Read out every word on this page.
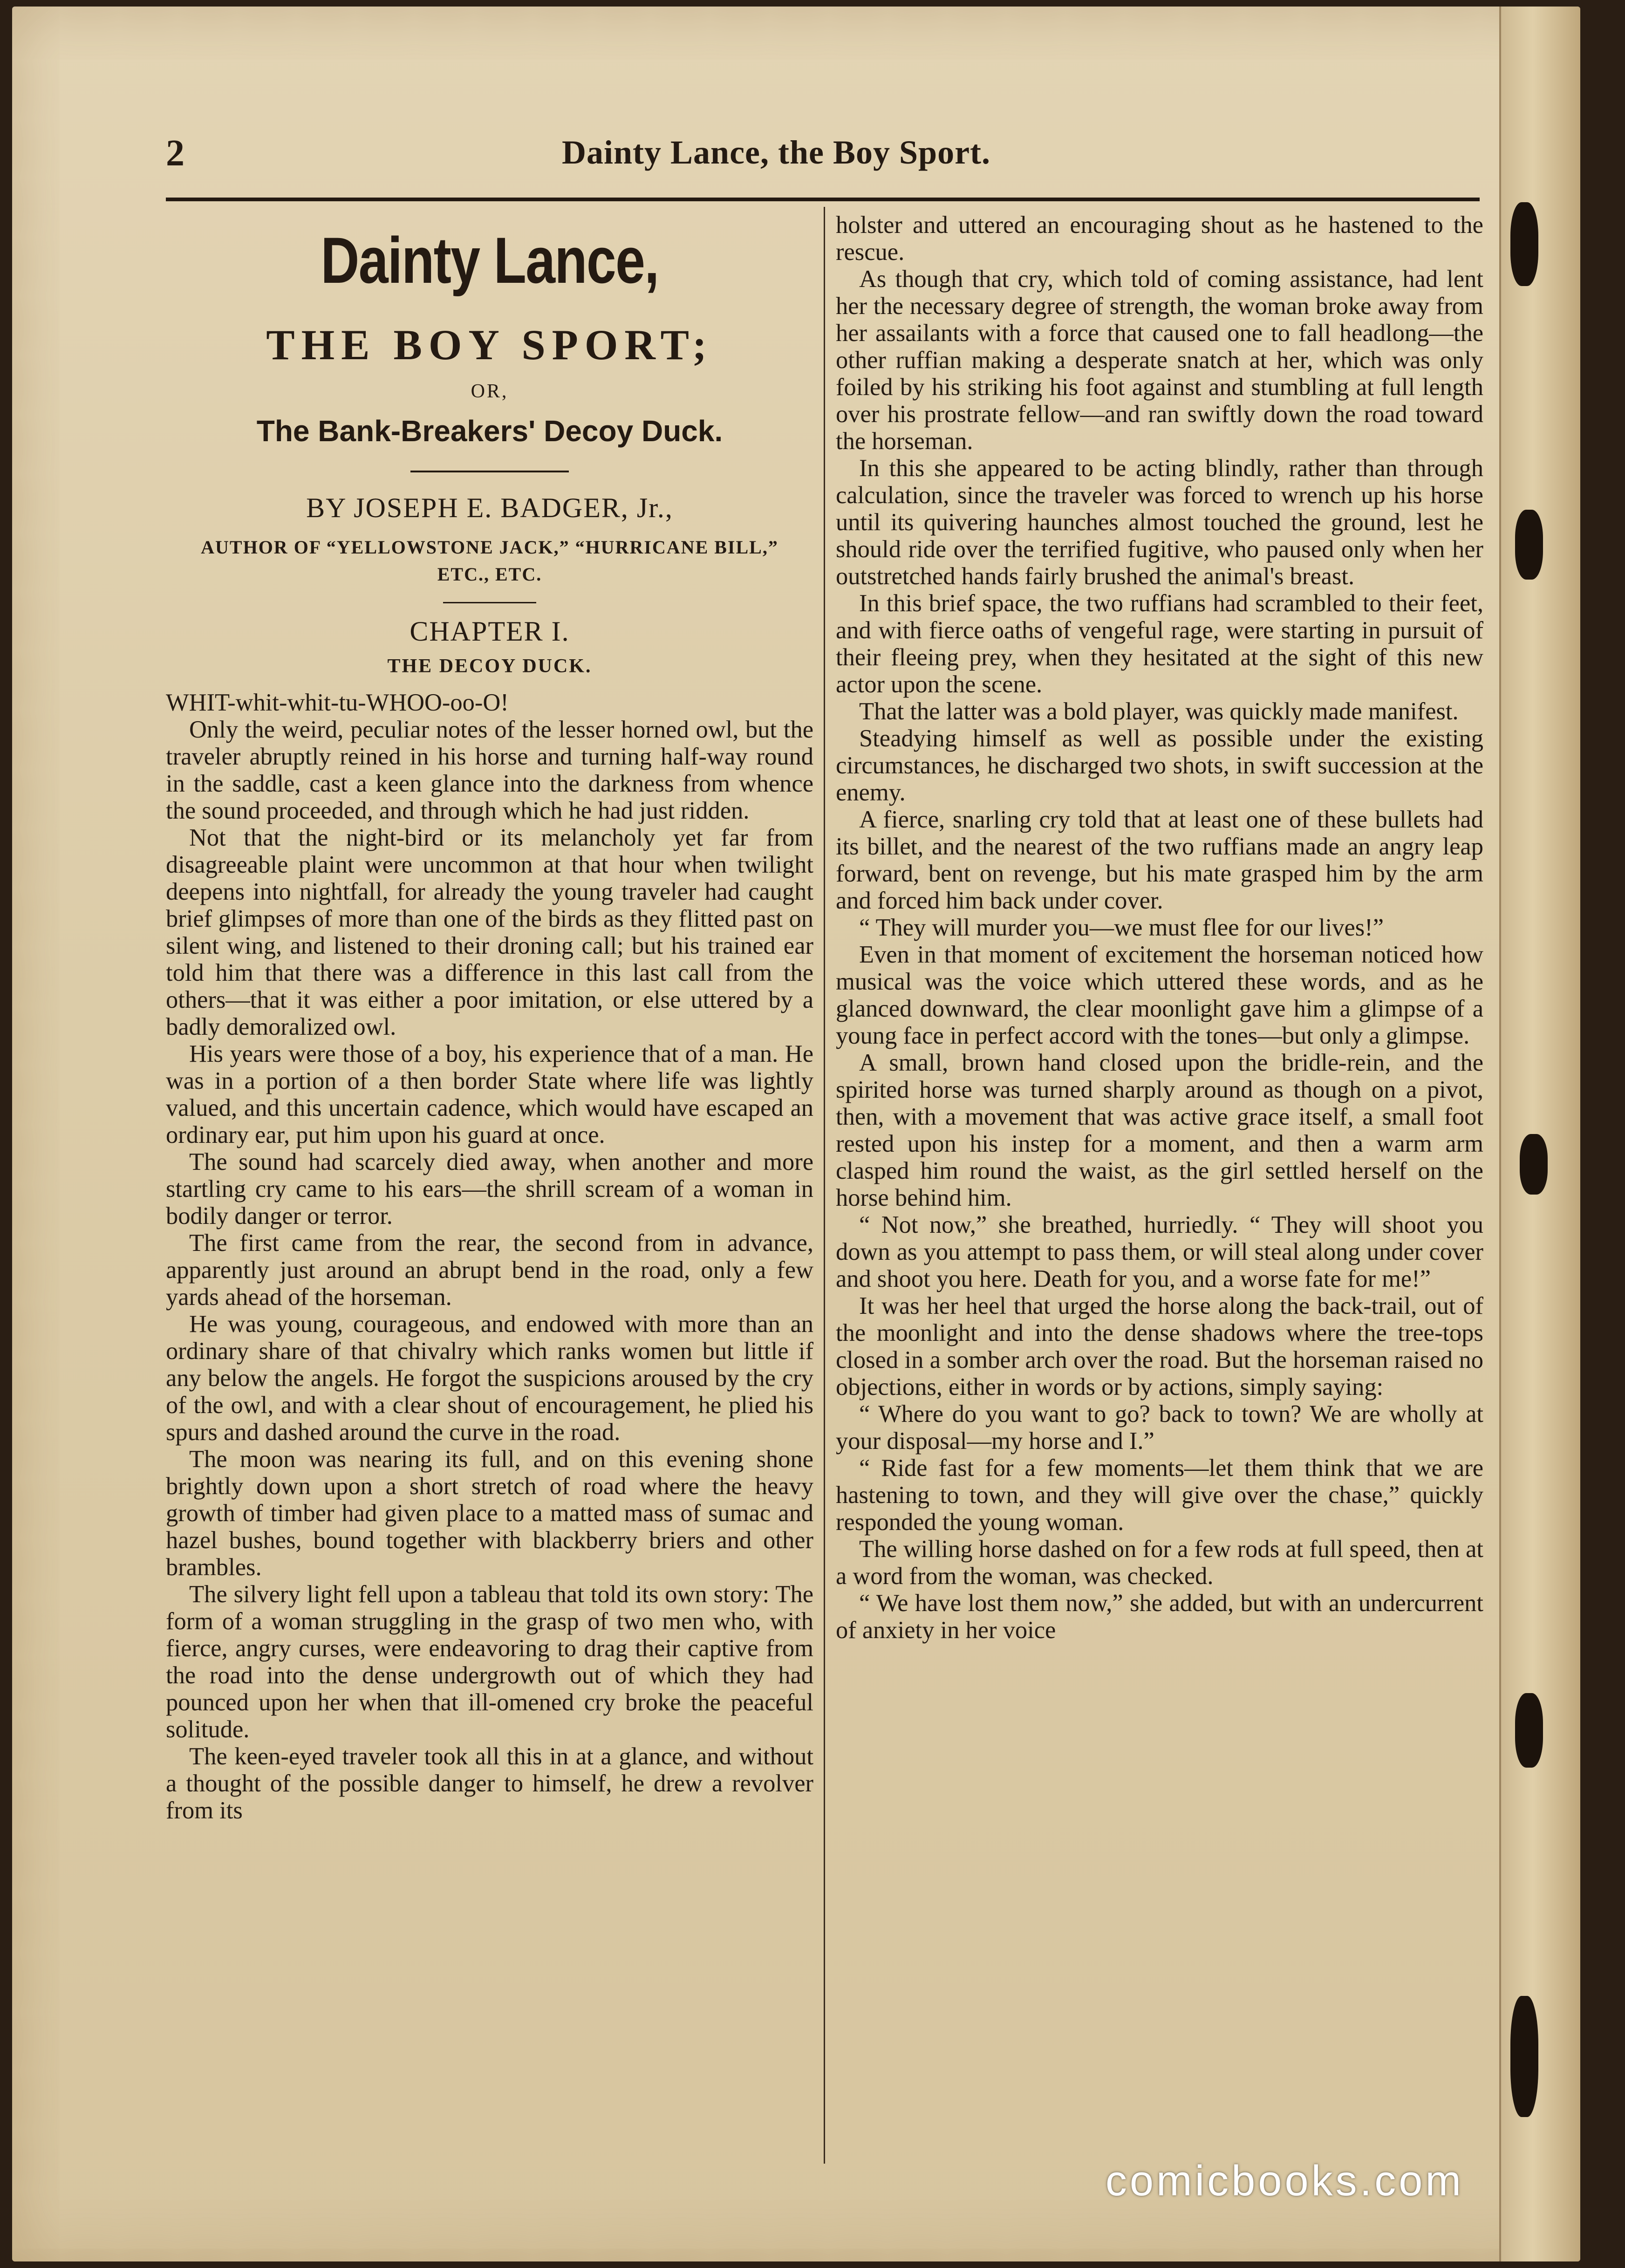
2	Dainty Lance, the Boy Sport.
Dainty Lance,
THE BOY SPORT;
OR,
The Bank-Breakers' Decoy Duck.
BY JOSEPH E. BADGER, Jr.,
AUTHOR OF “YELLOWSTONE JACK,” “HURRICANE BILL,” ETC., ETC.
CHAPTER I.
THE DECOY DUCK.

WHIT-whit-whit-tu-WHOO-oo-O!

Only the weird, peculiar notes of the lesser horned owl, but the traveler abruptly reined in his horse and turning half-way round in the saddle, cast a keen glance into the darkness from whence the sound proceeded, and through which he had just ridden.

Not that the night-bird or its melancholy yet far from disagreeable plaint were uncommon at that hour when twilight deepens into nightfall, for already the young traveler had caught brief glimpses of more than one of the birds as they flitted past on silent wing, and listened to their droning call; but his trained ear told him that there was a difference in this last call from the others—that it was either a poor imitation, or else uttered by a badly demoralized owl.

His years were those of a boy, his experience that of a man. He was in a portion of a then border State where life was lightly valued, and this uncertain cadence, which would have escaped an ordinary ear, put him upon his guard at once.

The sound had scarcely died away, when another and more startling cry came to his ears—the shrill scream of a woman in bodily danger or terror.

The first came from the rear, the second from in advance, apparently just around an abrupt bend in the road, only a few yards ahead of the horseman.

He was young, courageous, and endowed with more than an ordinary share of that chivalry which ranks women but little if any below the angels. He forgot the suspicions aroused by the cry of the owl, and with a clear shout of encouragement, he plied his spurs and dashed around the curve in the road.

The moon was nearing its full, and on this evening shone brightly down upon a short stretch of road where the heavy growth of timber had given place to a matted mass of sumac and hazel bushes, bound together with blackberry briers and other brambles.

The silvery light fell upon a tableau that told its own story: The form of a woman struggling in the grasp of two men who, with fierce, angry curses, were endeavoring to drag their captive from the road into the dense undergrowth out of which they had pounced upon her when that ill-omened cry broke the peaceful solitude.

The keen-eyed traveler took all this in at a glance, and without a thought of the possible danger to himself, he drew a revolver from its

holster and uttered an encouraging shout as he hastened to the rescue.

As though that cry, which told of coming assistance, had lent her the necessary degree of strength, the woman broke away from her assailants with a force that caused one to fall headlong—the other ruffian making a desperate snatch at her, which was only foiled by his striking his foot against and stumbling at full length over his prostrate fellow—and ran swiftly down the road toward the horseman.

In this she appeared to be acting blindly, rather than through calculation, since the traveler was forced to wrench up his horse until its quivering haunches almost touched the ground, lest he should ride over the terrified fugitive, who paused only when her outstretched hands fairly brushed the animal's breast.

In this brief space, the two ruffians had scrambled to their feet, and with fierce oaths of vengeful rage, were starting in pursuit of their fleeing prey, when they hesitated at the sight of this new actor upon the scene.

That the latter was a bold player, was quickly made manifest.

Steadying himself as well as possible under the existing circumstances, he discharged two shots, in swift succession at the enemy.

A fierce, snarling cry told that at least one of these bullets had its billet, and the nearest of the two ruffians made an angry leap forward, bent on revenge, but his mate grasped him by the arm and forced him back under cover.

“ They will murder you—we must flee for our lives!”

Even in that moment of excitement the horseman noticed how musical was the voice which uttered these words, and as he glanced downward, the clear moonlight gave him a glimpse of a young face in perfect accord with the tones—but only a glimpse.

A small, brown hand closed upon the bridle-rein, and the spirited horse was turned sharply around as though on a pivot, then, with a movement that was active grace itself, a small foot rested upon his instep for a moment, and then a warm arm clasped him round the waist, as the girl settled herself on the horse behind him.

“ Not now,” she breathed, hurriedly. “ They will shoot you down as you attempt to pass them, or will steal along under cover and shoot you here. Death for you, and a worse fate for me!”

It was her heel that urged the horse along the back-trail, out of the moonlight and into the dense shadows where the tree-tops closed in a somber arch over the road. But the horseman raised no objections, either in words or by actions, simply saying:

“ Where do you want to go? back to town? We are wholly at your disposal—my horse and I.”

“ Ride fast for a few moments—let them think that we are hastening to town, and they will give over the chase,” quickly responded the young woman.

The willing horse dashed on for a few rods at full speed, then at a word from the woman, was checked.

“ We have lost them now,” she added, but with an undercurrent of anxiety in her voice

comicbooks.com
